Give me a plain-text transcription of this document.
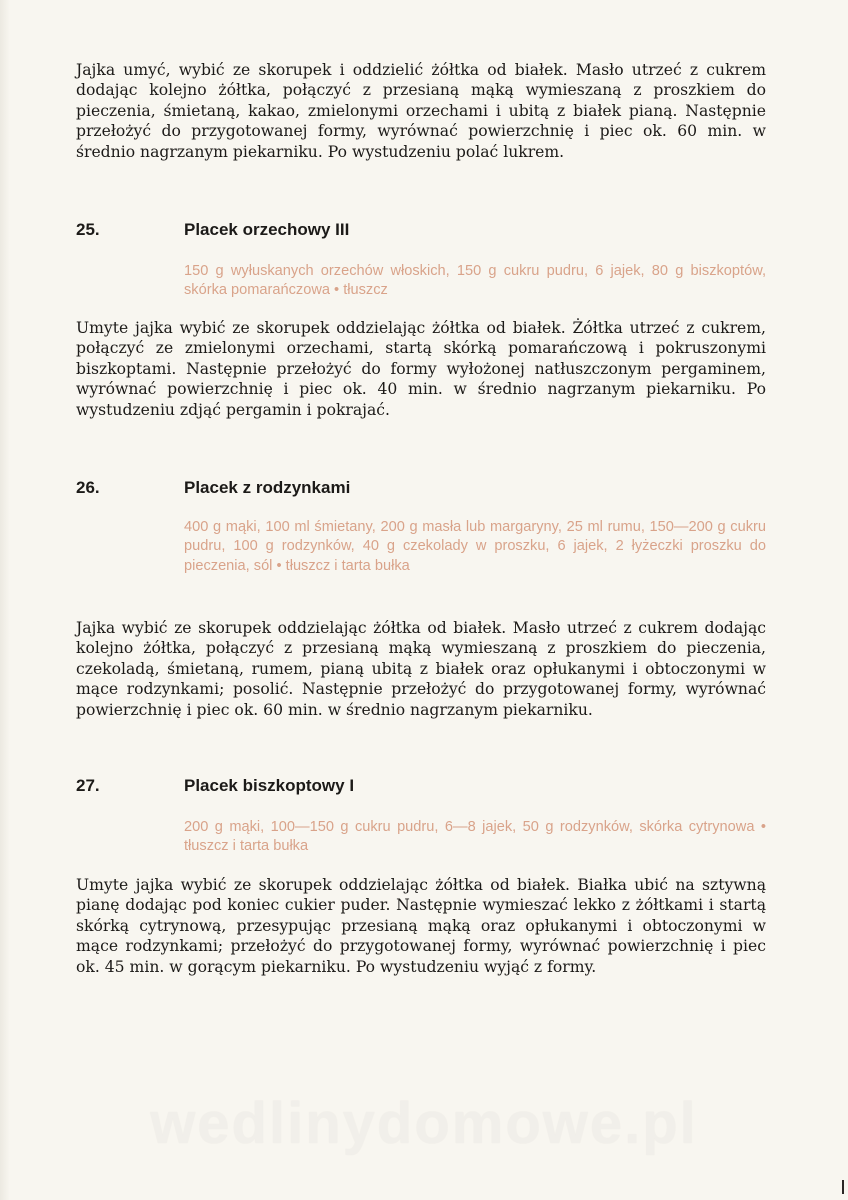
Jajka umyć, wybić ze skorupek i oddzielić żółtka od białek. Masło utrzeć z cukrem dodając kolejno żółtka, połączyć z przesianą mąką wymieszaną z proszkiem do pieczenia, śmietaną, kakao, zmielonymi orzechami i ubitą z białek pianą. Następnie przełożyć do przygotowanej formy, wyrównać powierzchnię i piec ok. 60 min. w średnio nagrzanym piekarniku. Po wystudzeniu polać lukrem.

25.	Placek orzechowy III

150 g wyłuskanych orzechów włoskich, 150 g cukru pudru, 6 jajek, 80 g biszkoptów, skórka pomarańczowa • tłuszcz

Umyte jajka wybić ze skorupek oddzielając żółtka od białek. Żółtka utrzeć z cukrem, połączyć ze zmielonymi orzechami, startą skórką pomarańczową i pokruszonymi biszkoptami. Następnie przełożyć do formy wyłożonej natłuszczonym pergaminem, wyrównać powierzchnię i piec ok. 40 min. w średnio nagrzanym piekarniku. Po wystudzeniu zdjąć pergamin i pokrajać.

26.	Placek z rodzynkami

400 g mąki, 100 ml śmietany, 200 g masła lub margaryny, 25 ml rumu, 150—200 g cukru pudru, 100 g rodzynków, 40 g czekolady w proszku, 6 jajek, 2 łyżeczki proszku do pieczenia, sól • tłuszcz i tarta bułka

Jajka wybić ze skorupek oddzielając żółtka od białek. Masło utrzeć z cukrem dodając kolejno żółtka, połączyć z przesianą mąką wymieszaną z proszkiem do pieczenia, czekoladą, śmietaną, rumem, pianą ubitą z białek oraz opłukanymi i obtoczonymi w mące rodzynkami; posolić. Następnie przełożyć do przygotowanej formy, wyrównać powierzchnię i piec ok. 60 min. w średnio nagrzanym piekarniku.

27.	Placek biszkoptowy I

200 g mąki, 100—150 g cukru pudru, 6—8 jajek, 50 g rodzynków, skórka cytrynowa • tłuszcz i tarta bułka

Umyte jajka wybić ze skorupek oddzielając żółtka od białek. Białka ubić na sztywną pianę dodając pod koniec cukier puder. Następnie wymieszać lekko z żółtkami i startą skórką cytrynową, przesypując przesianą mąką oraz opłukanymi i obtoczonymi w mące rodzynkami; przełożyć do przygotowanej formy, wyrównać powierzchnię i piec ok. 45 min. w gorącym piekarniku. Po wystudzeniu wyjąć z formy.

wedlinydomowe.pl
